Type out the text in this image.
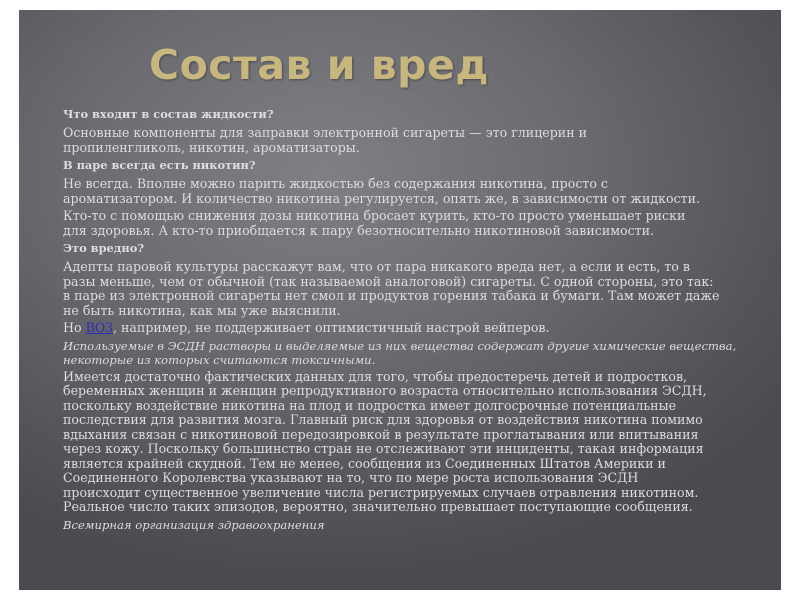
Состав и вред

Что входит в состав жидкости?

Основные компоненты для заправки электронной сигареты — это глицерин и
пропиленгликоль, никотин, ароматизаторы.

В паре всегда есть никотин?

Не всегда. Вполне можно парить жидкостью без содержания никотина, просто с
ароматизатором. И количество никотина регулируется, опять же, в зависимости от жидкости.

Кто-то с помощью снижения дозы никотина бросает курить, кто-то просто уменьшает риски
для здоровья. А кто-то приобщается к пару безотносительно никотиновой зависимости.

Это вредно?

Адепты паровой культуры расскажут вам, что от пара никакого вреда нет, а если и есть, то в
разы меньше, чем от обычной (так называемой аналоговой) сигареты. С одной стороны, это так:
в паре из электронной сигареты нет смол и продуктов горения табака и бумаги. Там может даже
не быть никотина, как мы уже выяснили.

Но ВОЗ, например, не поддерживает оптимистичный настрой вейперов.

Используемые в ЭСДН растворы и выделяемые из них вещества содержат другие химические вещества,
некоторые из которых считаются токсичными.

Имеется достаточно фактических данных для того, чтобы предостеречь детей и подростков,
беременных женщин и женщин репродуктивного возраста относительно использования ЭСДН,
поскольку воздействие никотина на плод и подростка имеет долгосрочные потенциальные
последствия для развития мозга. Главный риск для здоровья от воздействия никотина помимо
вдыхания связан с никотиновой передозировкой в результате проглатывания или впитывания
через кожу. Поскольку большинство стран не отслеживают эти инциденты, такая информация
является крайней скудной. Тем не менее, сообщения из Соединенных Штатов Америки и
Соединенного Королевства указывают на то, что по мере роста использования ЭСДН
происходит существенное увеличение числа регистрируемых случаев отравления никотином.
Реальное число таких эпизодов, вероятно, значительно превышает поступающие сообщения.

Всемирная организация здравоохранения
